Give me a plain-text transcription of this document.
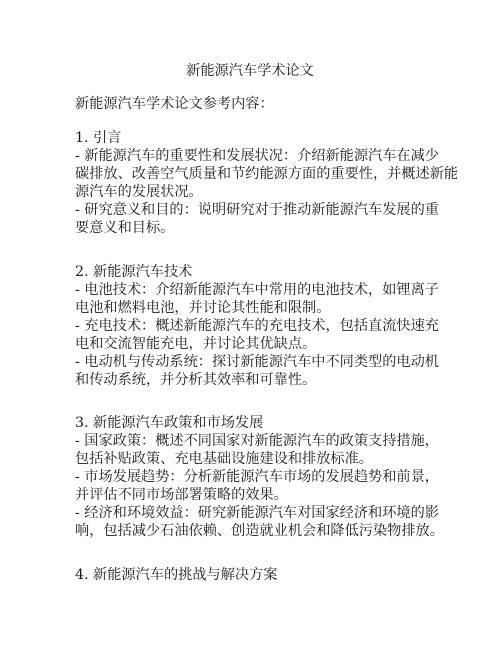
新能源汽车学术论文
新能源汽车学术论文参考内容：
1. 引言
- 新能源汽车的重要性和发展状况：介绍新能源汽车在减少
碳排放、改善空气质量和节约能源方面的重要性，并概述新能
源汽车的发展状况。
- 研究意义和目的：说明研究对于推动新能源汽车发展的重
要意义和目标。
2. 新能源汽车技术
- 电池技术：介绍新能源汽车中常用的电池技术，如锂离子
电池和燃料电池，并讨论其性能和限制。
- 充电技术：概述新能源汽车的充电技术，包括直流快速充
电和交流智能充电，并讨论其优缺点。
- 电动机与传动系统：探讨新能源汽车中不同类型的电动机
和传动系统，并分析其效率和可靠性。
3. 新能源汽车政策和市场发展
- 国家政策：概述不同国家对新能源汽车的政策支持措施，
包括补贴政策、充电基础设施建设和排放标准。
- 市场发展趋势：分析新能源汽车市场的发展趋势和前景，
并评估不同市场部署策略的效果。
- 经济和环境效益：研究新能源汽车对国家经济和环境的影
响，包括减少石油依赖、创造就业机会和降低污染物排放。
4. 新能源汽车的挑战与解决方案
